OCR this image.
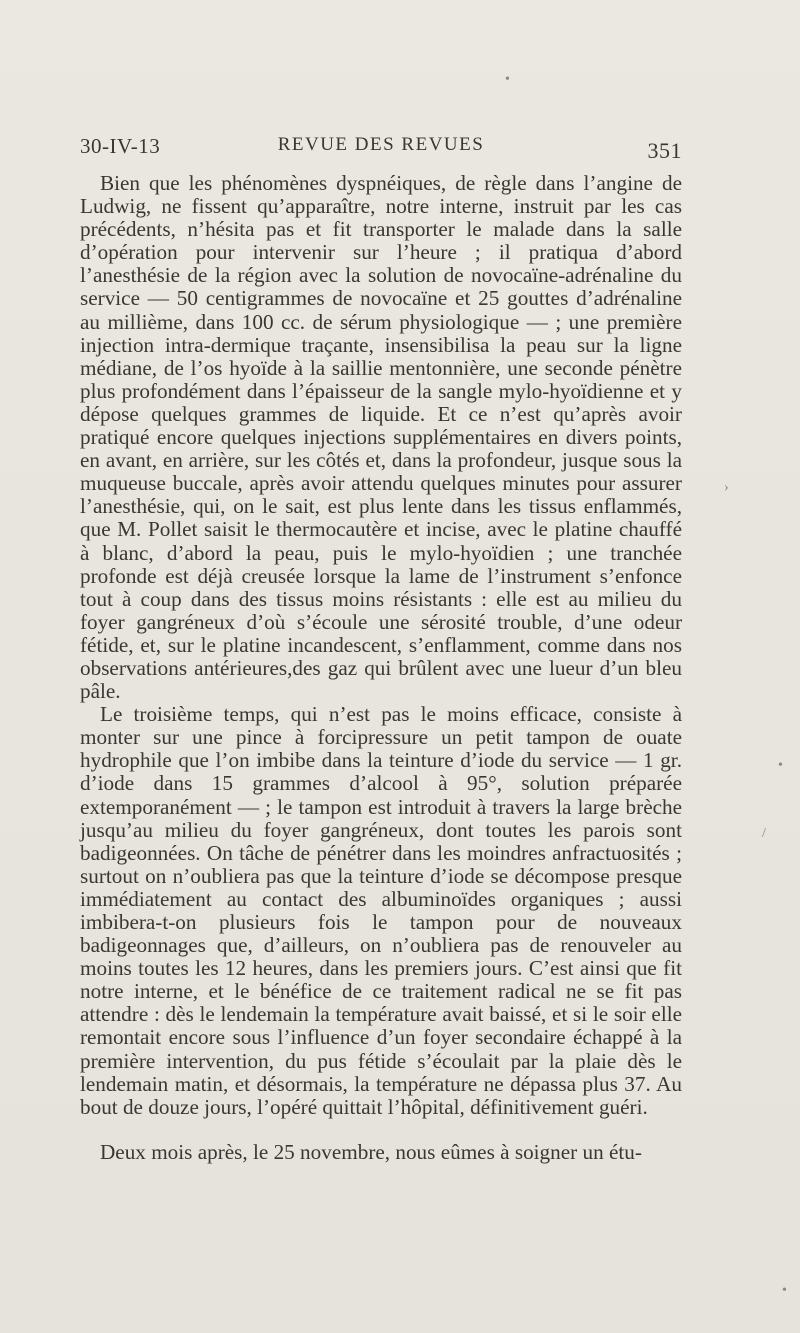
•
›
•
/
•
30-IV-13	REVUE DES REVUES	351

Bien que les phénomènes dyspnéiques, de règle dans l’angine de Ludwig, ne fissent qu’apparaître, notre interne, instruit par les cas précédents, n’hésita pas et fit transporter le malade dans la salle d’opération pour intervenir sur l’heure ; il pratiqua d’abord l’anesthésie de la région avec la solution de novocaïne-adrénaline du service — 50 centigrammes de novocaïne et 25 gouttes d’adrénaline au millième, dans 100 cc. de sérum physiologique — ; une première injection intra-dermique traçante, insensibilisa la peau sur la ligne médiane, de l’os hyoïde à la saillie mentonnière, une seconde pénètre plus profondément dans l’épaisseur de la sangle mylo-hyoïdienne et y dépose quelques grammes de liquide. Et ce n’est qu’après avoir pratiqué encore quelques injections supplémentaires en divers points, en avant, en arrière, sur les côtés et, dans la profondeur, jusque sous la muqueuse buccale, après avoir attendu quelques minutes pour assurer l’anesthésie, qui, on le sait, est plus lente dans les tissus enflammés, que M. Pollet saisit le thermocautère et incise, avec le platine chauffé à blanc, d’abord la peau, puis le mylo-hyoïdien ; une tranchée profonde est déjà creusée lorsque la lame de l’instrument s’enfonce tout à coup dans des tissus moins résistants : elle est au milieu du foyer gangréneux d’où s’écoule une sérosité trouble, d’une odeur fétide, et, sur le platine incandescent, s’enflamment, comme dans nos observations antérieures,des gaz qui brûlent avec une lueur d’un bleu pâle.

Le troisième temps, qui n’est pas le moins efficace, consiste à monter sur une pince à forcipressure un petit tampon de ouate hydrophile que l’on imbibe dans la teinture d’iode du service — 1 gr. d’iode dans 15 grammes d’alcool à 95°, solution préparée extemporanément — ; le tampon est introduit à travers la large brèche jusqu’au milieu du foyer gangréneux, dont toutes les parois sont badigeonnées. On tâche de pénétrer dans les moindres anfractuosités ; surtout on n’oubliera pas que la teinture d’iode se décompose presque immédiatement au contact des albuminoïdes organiques ; aussi imbibera-t-on plusieurs fois le tampon pour de nouveaux badigeonnages que, d’ailleurs, on n’oubliera pas de renouveler au moins toutes les 12 heures, dans les premiers jours. C’est ainsi que fit notre interne, et le bénéfice de ce traitement radical ne se fit pas attendre : dès le lendemain la température avait baissé, et si le soir elle remontait encore sous l’influence d’un foyer secondaire échappé à la première intervention, du pus fétide s’écoulait par la plaie dès le lendemain matin, et désormais, la température ne dépassa plus 37. Au bout de douze jours, l’opéré quittait l’hôpital, définitivement guéri.

Deux mois après, le 25 novembre, nous eûmes à soigner un étu-
